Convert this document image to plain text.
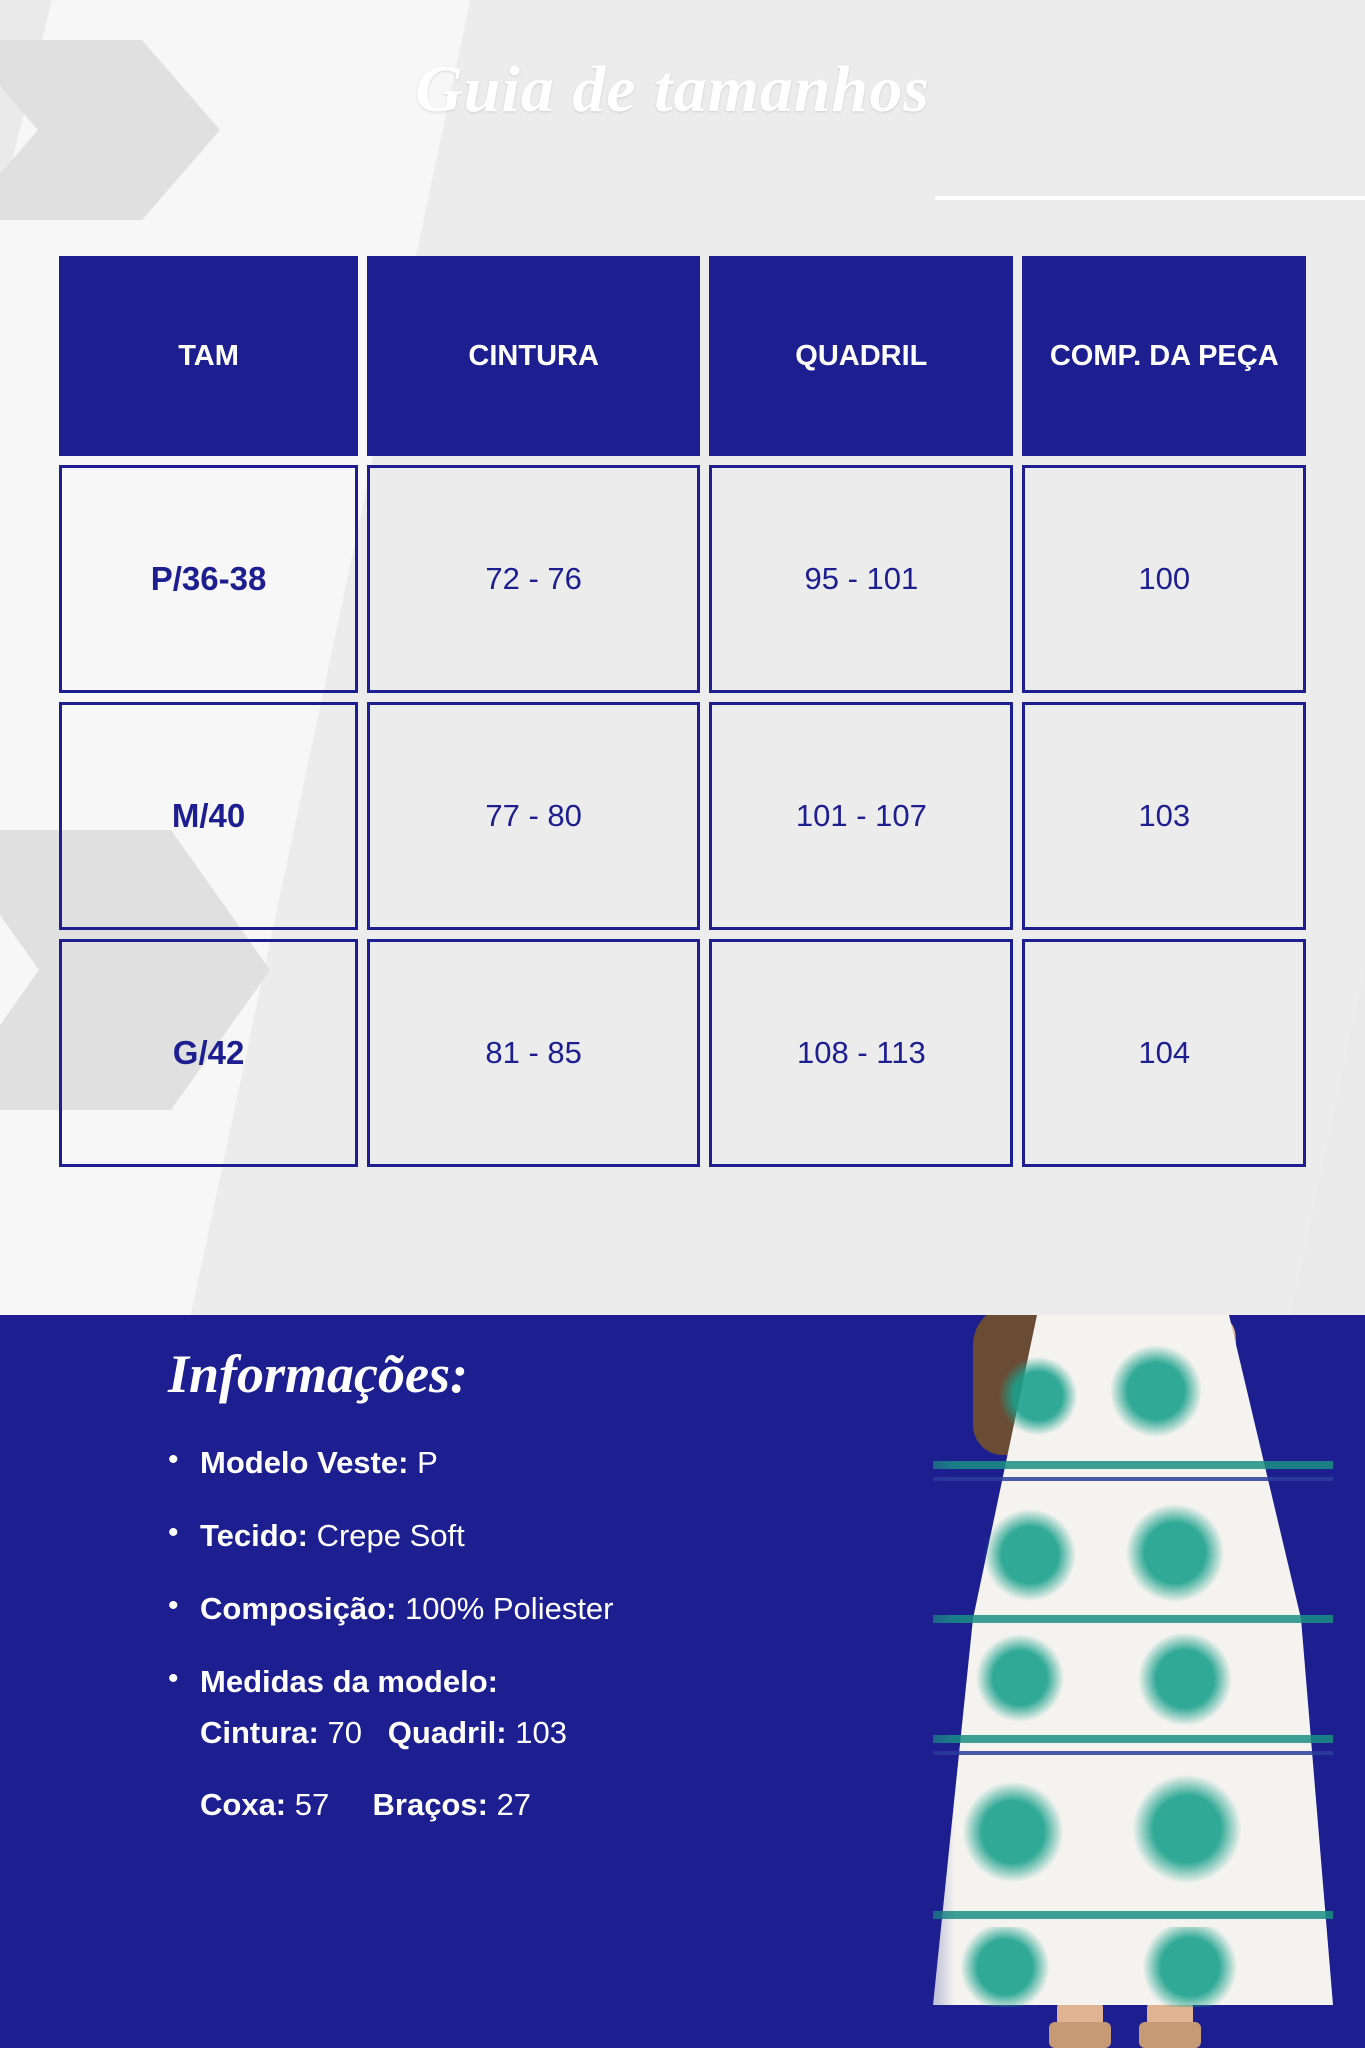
Guia de tamanhos
TAM	CINTURA	QUADRIL	COMP. DA PEÇA
P/36-38	72 - 76	95 - 101	100
M/40	77 - 80	101 - 107	103
G/42	81 - 85	108 - 113	104
Informações:
• Modelo Veste: P
• Tecido: Crepe Soft
• Composição: 100% Poliester
• Medidas da modelo:
Cintura: 70 Quadril: 103
Coxa: 57 Braços: 27
